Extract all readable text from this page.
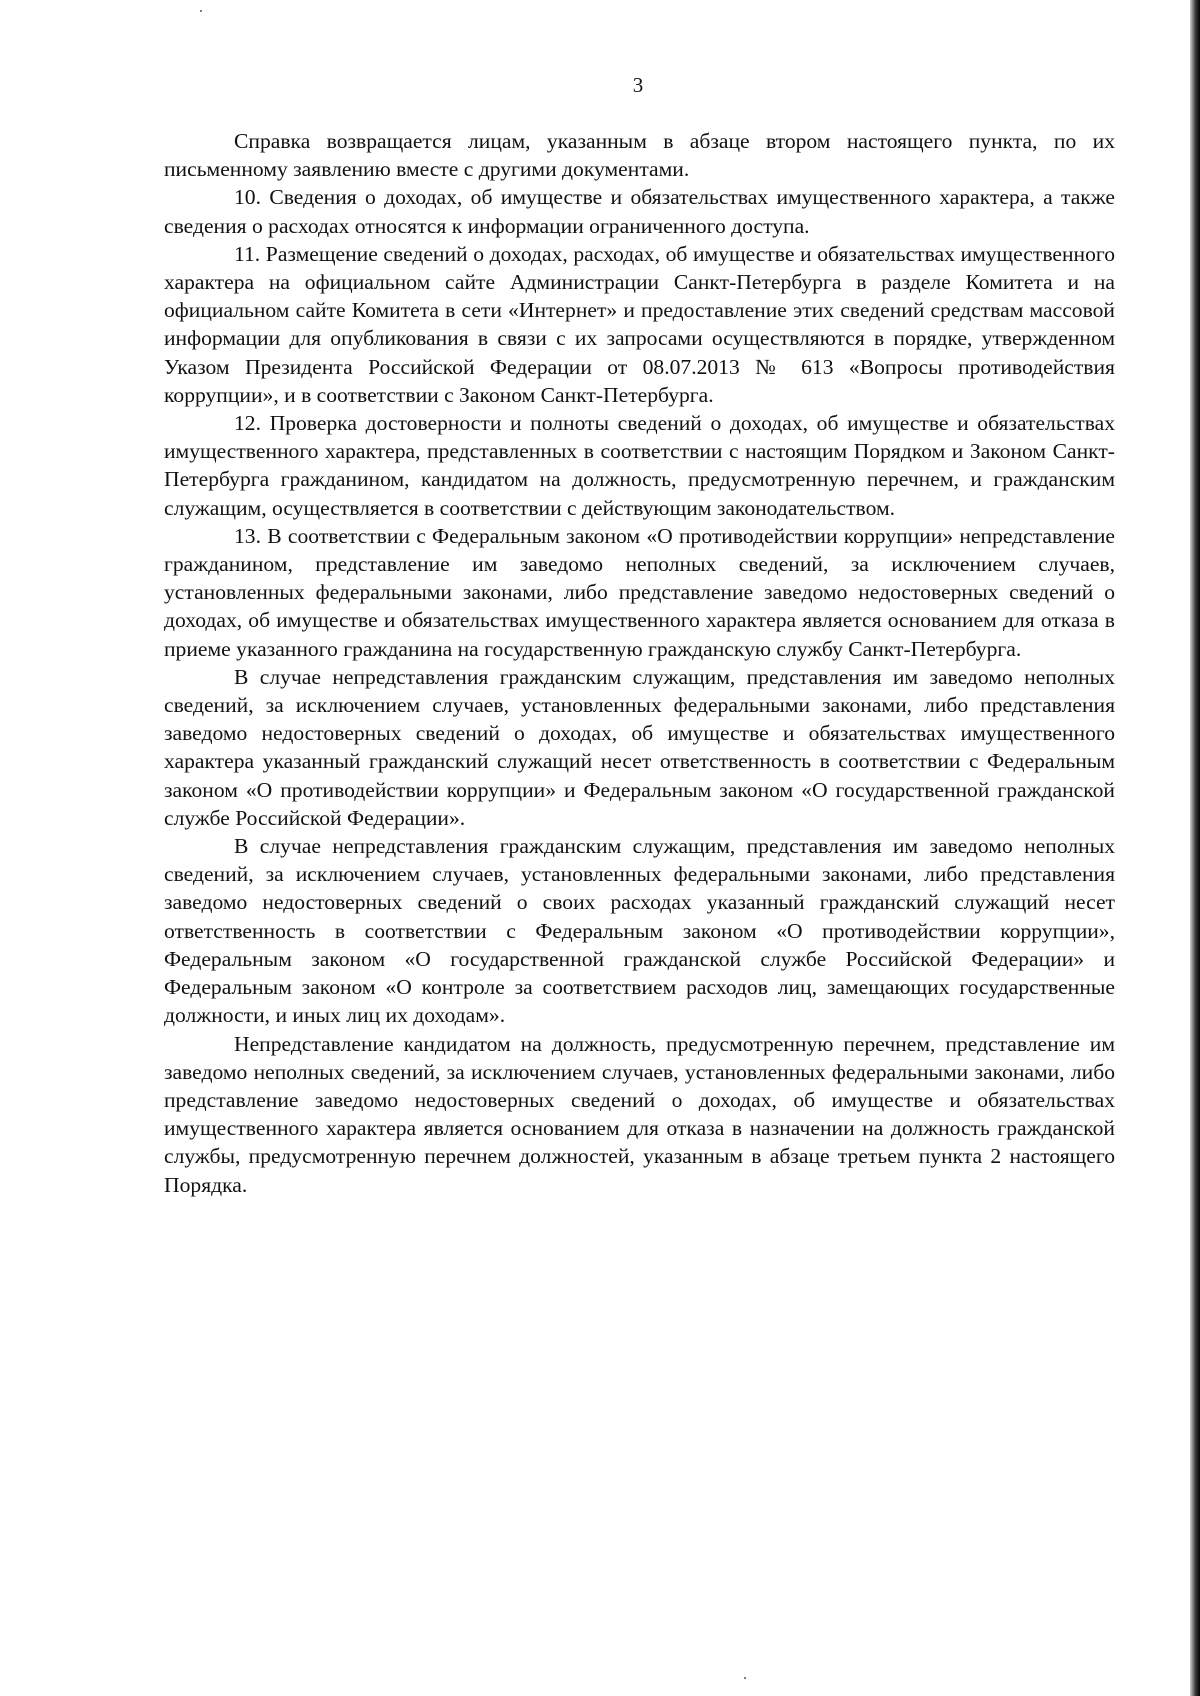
3

Справка возвращается лицам, указанным в абзаце втором настоящего пункта, по их письменному заявлению вместе с другими документами.

10. Сведения о доходах, об имуществе и обязательствах имущественного характера, а также сведения о расходах относятся к информации ограниченного доступа.

11. Размещение сведений о доходах, расходах, об имуществе и обязательствах имущественного характера на официальном сайте Администрации Санкт-Петербурга в разделе Комитета и на официальном сайте Комитета в сети «Интернет» и предоставление этих сведений средствам массовой информации для опубликования в связи с их запросами осуществляются в порядке, утвержденном Указом Президента Российской Федерации от 08.07.2013 № 613 «Вопросы противодействия коррупции», и в соответствии с Законом Санкт-Петербурга.

12. Проверка достоверности и полноты сведений о доходах, об имуществе и обязательствах имущественного характера, представленных в соответствии с настоящим Порядком и Законом Санкт-Петербурга гражданином, кандидатом на должность, предусмотренную перечнем, и гражданским служащим, осуществляется в соответствии с действующим законодательством.

13. В соответствии с Федеральным законом «О противодействии коррупции» непредставление гражданином, представление им заведомо неполных сведений, за исключением случаев, установленных федеральными законами, либо представление заведомо недостоверных сведений о доходах, об имуществе и обязательствах имущественного характера является основанием для отказа в приеме указанного гражданина на государственную гражданскую службу Санкт-Петербурга.

В случае непредставления гражданским служащим, представления им заведомо неполных сведений, за исключением случаев, установленных федеральными законами, либо представления заведомо недостоверных сведений о доходах, об имуществе и обязательствах имущественного характера указанный гражданский служащий несет ответственность в соответствии с Федеральным законом «О противодействии коррупции» и Федеральным законом «О государственной гражданской службе Российской Федерации».

В случае непредставления гражданским служащим, представления им заведомо неполных сведений, за исключением случаев, установленных федеральными законами, либо представления заведомо недостоверных сведений о своих расходах указанный гражданский служащий несет ответственность в соответствии с Федеральным законом «О противодействии коррупции», Федеральным законом «О государственной гражданской службе Российской Федерации» и Федеральным законом «О контроле за соответствием расходов лиц, замещающих государственные должности, и иных лиц их доходам».

Непредставление кандидатом на должность, предусмотренную перечнем, представление им заведомо неполных сведений, за исключением случаев, установленных федеральными законами, либо представление заведомо недостоверных сведений о доходах, об имуществе и обязательствах имущественного характера является основанием для отказа в назначении на должность гражданской службы, предусмотренную перечнем должностей, указанным в абзаце третьем пункта 2 настоящего Порядка.
